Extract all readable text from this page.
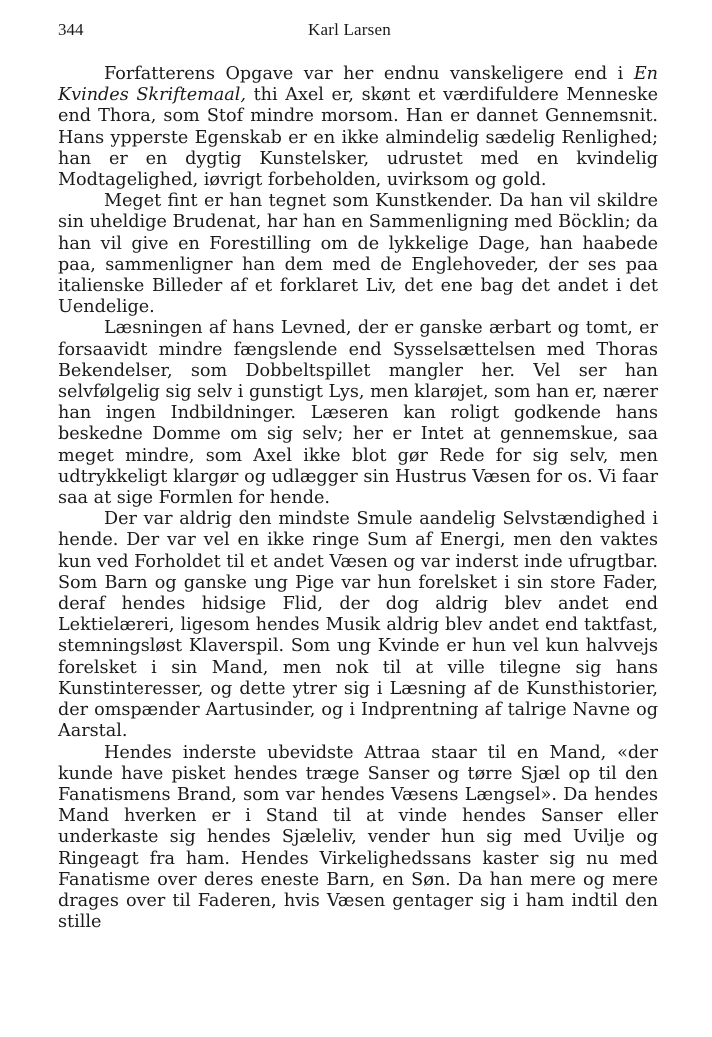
344	Karl Larsen

Forfatterens Opgave var her endnu vanskeligere end i En Kvindes Skriftemaal, thi Axel er, skønt et værdifuldere Menneske end Thora, som Stof mindre morsom. Han er dannet Gennemsnit. Hans ypperste Egenskab er en ikke almindelig sædelig Renlighed; han er en dygtig Kunstelsker, udrustet med en kvindelig Modtagelighed, iøvrigt forbeholden, uvirksom og gold.

Meget fint er han tegnet som Kunstkender. Da han vil skildre sin uheldige Brudenat, har han en Sammenligning med Böcklin; da han vil give en Forestilling om de lykkelige Dage, han haabede paa, sammenligner han dem med de Englehoveder, der ses paa italienske Billeder af et forklaret Liv, det ene bag det andet i det Uendelige.

Læsningen af hans Levned, der er ganske ærbart og tomt, er forsaavidt mindre fængslende end Sysselsættelsen med Thoras Bekendelser, som Dobbeltspillet mangler her. Vel ser han selvfølgelig sig selv i gunstigt Lys, men klarøjet, som han er, nærer han ingen Indbildninger. Læseren kan roligt godkende hans beskedne Domme om sig selv; her er Intet at gennemskue, saa meget mindre, som Axel ikke blot gør Rede for sig selv, men udtrykkeligt klargør og udlægger sin Hustrus Væsen for os. Vi faar saa at sige Formlen for hende.

Der var aldrig den mindste Smule aandelig Selvstændighed i hende. Der var vel en ikke ringe Sum af Energi, men den vaktes kun ved Forholdet til et andet Væsen og var inderst inde ufrugtbar. Som Barn og ganske ung Pige var hun forelsket i sin store Fader, deraf hendes hidsige Flid, der dog aldrig blev andet end Lektielæreri, ligesom hendes Musik aldrig blev andet end taktfast, stemningsløst Klaverspil. Som ung Kvinde er hun vel kun halvvejs forelsket i sin Mand, men nok til at ville tilegne sig hans Kunstinteresser, og dette ytrer sig i Læsning af de Kunsthistorier, der omspænder Aartusinder, og i Indprentning af talrige Navne og Aarstal.

Hendes inderste ubevidste Attraa staar til en Mand, «der kunde have pisket hendes træge Sanser og tørre Sjæl op til den Fanatismens Brand, som var hendes Væsens Længsel». Da hendes Mand hverken er i Stand til at vinde hendes Sanser eller underkaste sig hendes Sjæleliv, vender hun sig med Uvilje og Ringeagt fra ham. Hendes Virkelighedssans kaster sig nu med Fanatisme over deres eneste Barn, en Søn. Da han mere og mere drages over til Faderen, hvis Væsen gentager sig i ham indtil den stille
